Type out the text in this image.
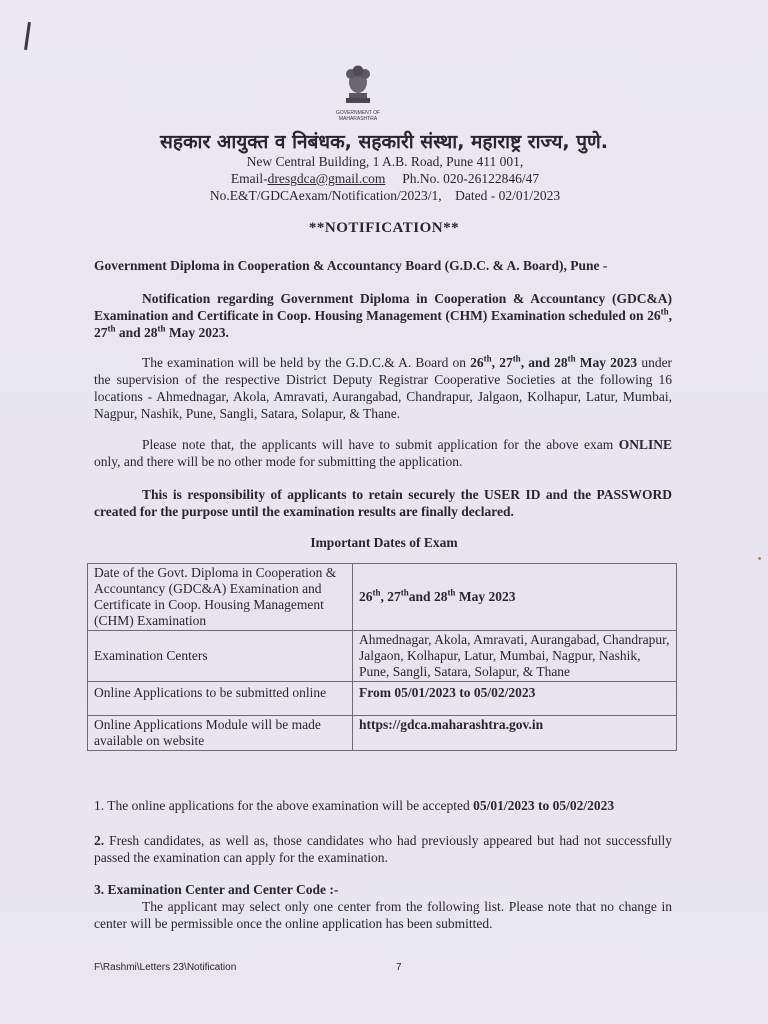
GOVERNMENT OF MAHARASHTRA
सहकार आयुक्त व निबंधक, सहकारी संस्था, महाराष्ट्र राज्य, पुणे.
New Central Building, 1 A.B. Road, Pune 411 001,
Email-dresgdca@gmail.com Ph.No. 020-26122846/47
No.E&T/GDCAexam/Notification/2023/1, Dated - 02/01/2023
**NOTIFICATION**
Government Diploma in Cooperation & Accountancy Board (G.D.C. & A. Board), Pune -
Notification regarding Government Diploma in Cooperation & Accountancy (GDC&A) Examination and Certificate in Coop. Housing Management (CHM) Examination scheduled on 26th, 27th and 28th May 2023.
The examination will be held by the G.D.C.& A. Board on 26th, 27th, and 28th May 2023 under the supervision of the respective District Deputy Registrar Cooperative Societies at the following 16 locations - Ahmednagar, Akola, Amravati, Aurangabad, Chandrapur, Jalgaon, Kolhapur, Latur, Mumbai, Nagpur, Nashik, Pune, Sangli, Satara, Solapur, & Thane.
Please note that, the applicants will have to submit application for the above exam ONLINE only, and there will be no other mode for submitting the application.
This is responsibility of applicants to retain securely the USER ID and the PASSWORD created for the purpose until the examination results are finally declared.
Important Dates of Exam
Date of the Govt. Diploma in Cooperation & Accountancy (GDC&A) Examination and Certificate in Coop. Housing Management (CHM) Examination	26th, 27thand 28th May 2023
Examination Centers	Ahmednagar, Akola, Amravati, Aurangabad, Chandrapur, Jalgaon, Kolhapur, Latur, Mumbai, Nagpur, Nashik, Pune, Sangli, Satara, Solapur, & Thane
Online Applications to be submitted online	From 05/01/2023 to 05/02/2023
Online Applications Module will be made available on website	https://gdca.maharashtra.gov.in
1. The online applications for the above examination will be accepted 05/01/2023 to 05/02/2023
2. Fresh candidates, as well as, those candidates who had previously appeared but had not successfully passed the examination can apply for the examination.
3. Examination Center and Center Code :-
The applicant may select only one center from the following list. Please note that no change in center will be permissible once the online application has been submitted.
F\Rashmi\Letters 23\Notification	7
